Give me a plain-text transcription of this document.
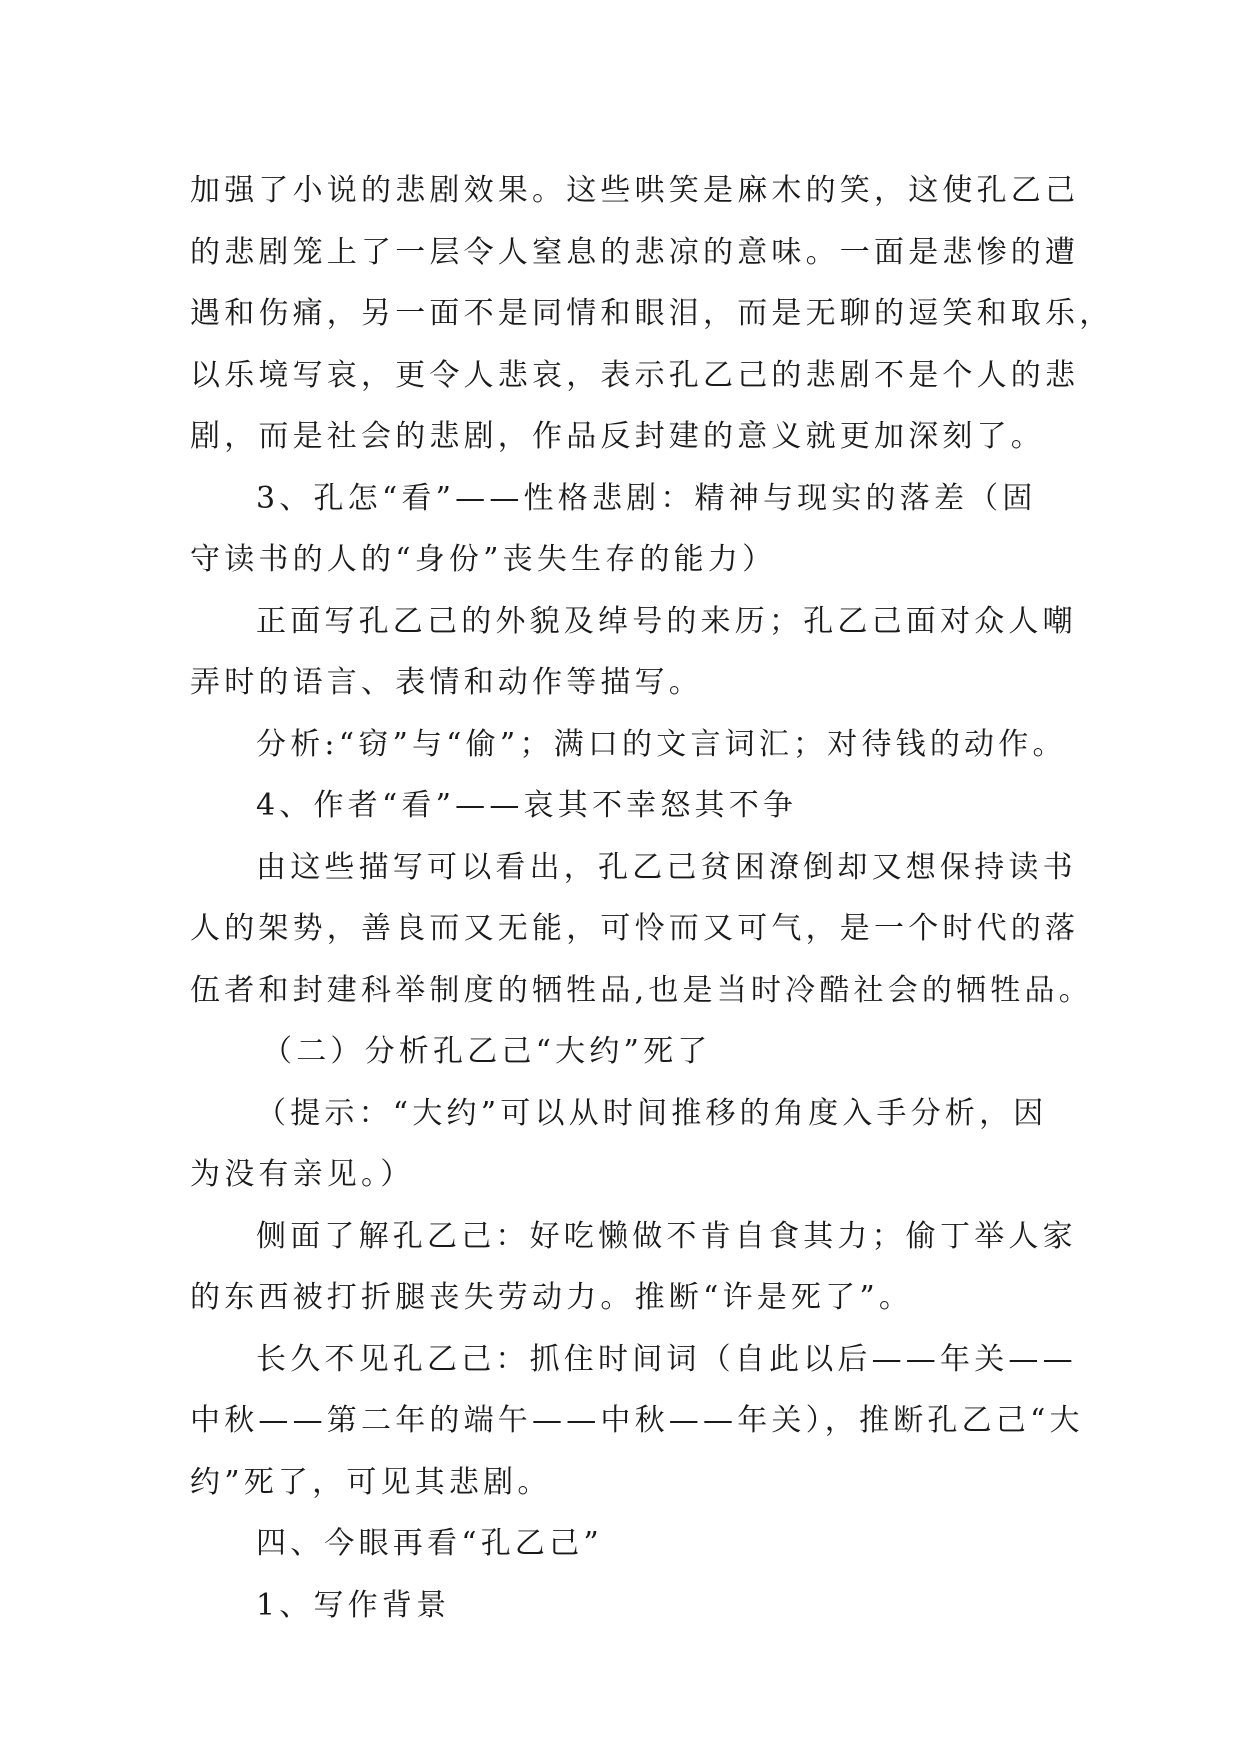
加强了小说的悲剧效果。这些哄笑是麻木的笑，这使孔乙己
的悲剧笼上了一层令人窒息的悲凉的意味。一面是悲惨的遭
遇和伤痛，另一面不是同情和眼泪，而是无聊的逗笑和取乐，
以乐境写哀，更令人悲哀，表示孔乙己的悲剧不是个人的悲
剧，而是社会的悲剧，作品反封建的意义就更加深刻了。
3、孔怎“看”——性格悲剧：精神与现实的落差（固
守读书的人的“身份”丧失生存的能力）
正面写孔乙己的外貌及绰号的来历；孔乙己面对众人嘲
弄时的语言、表情和动作等描写。
分析:“窃”与“偷”；满口的文言词汇；对待钱的动作。
4、作者“看”——哀其不幸怒其不争
由这些描写可以看出，孔乙己贫困潦倒却又想保持读书
人的架势，善良而又无能，可怜而又可气，是一个时代的落
伍者和封建科举制度的牺牲品,也是当时冷酷社会的牺牲品。
（二）分析孔乙己“大约”死了
（提示：“大约”可以从时间推移的角度入手分析，因
为没有亲见。）
侧面了解孔乙己：好吃懒做不肯自食其力；偷丁举人家
的东西被打折腿丧失劳动力。推断“许是死了”。
长久不见孔乙己：抓住时间词（自此以后——年关——
中秋——第二年的端午——中秋——年关），推断孔乙己“大
约”死了，可见其悲剧。
四、今眼再看“孔乙己”
1、写作背景
